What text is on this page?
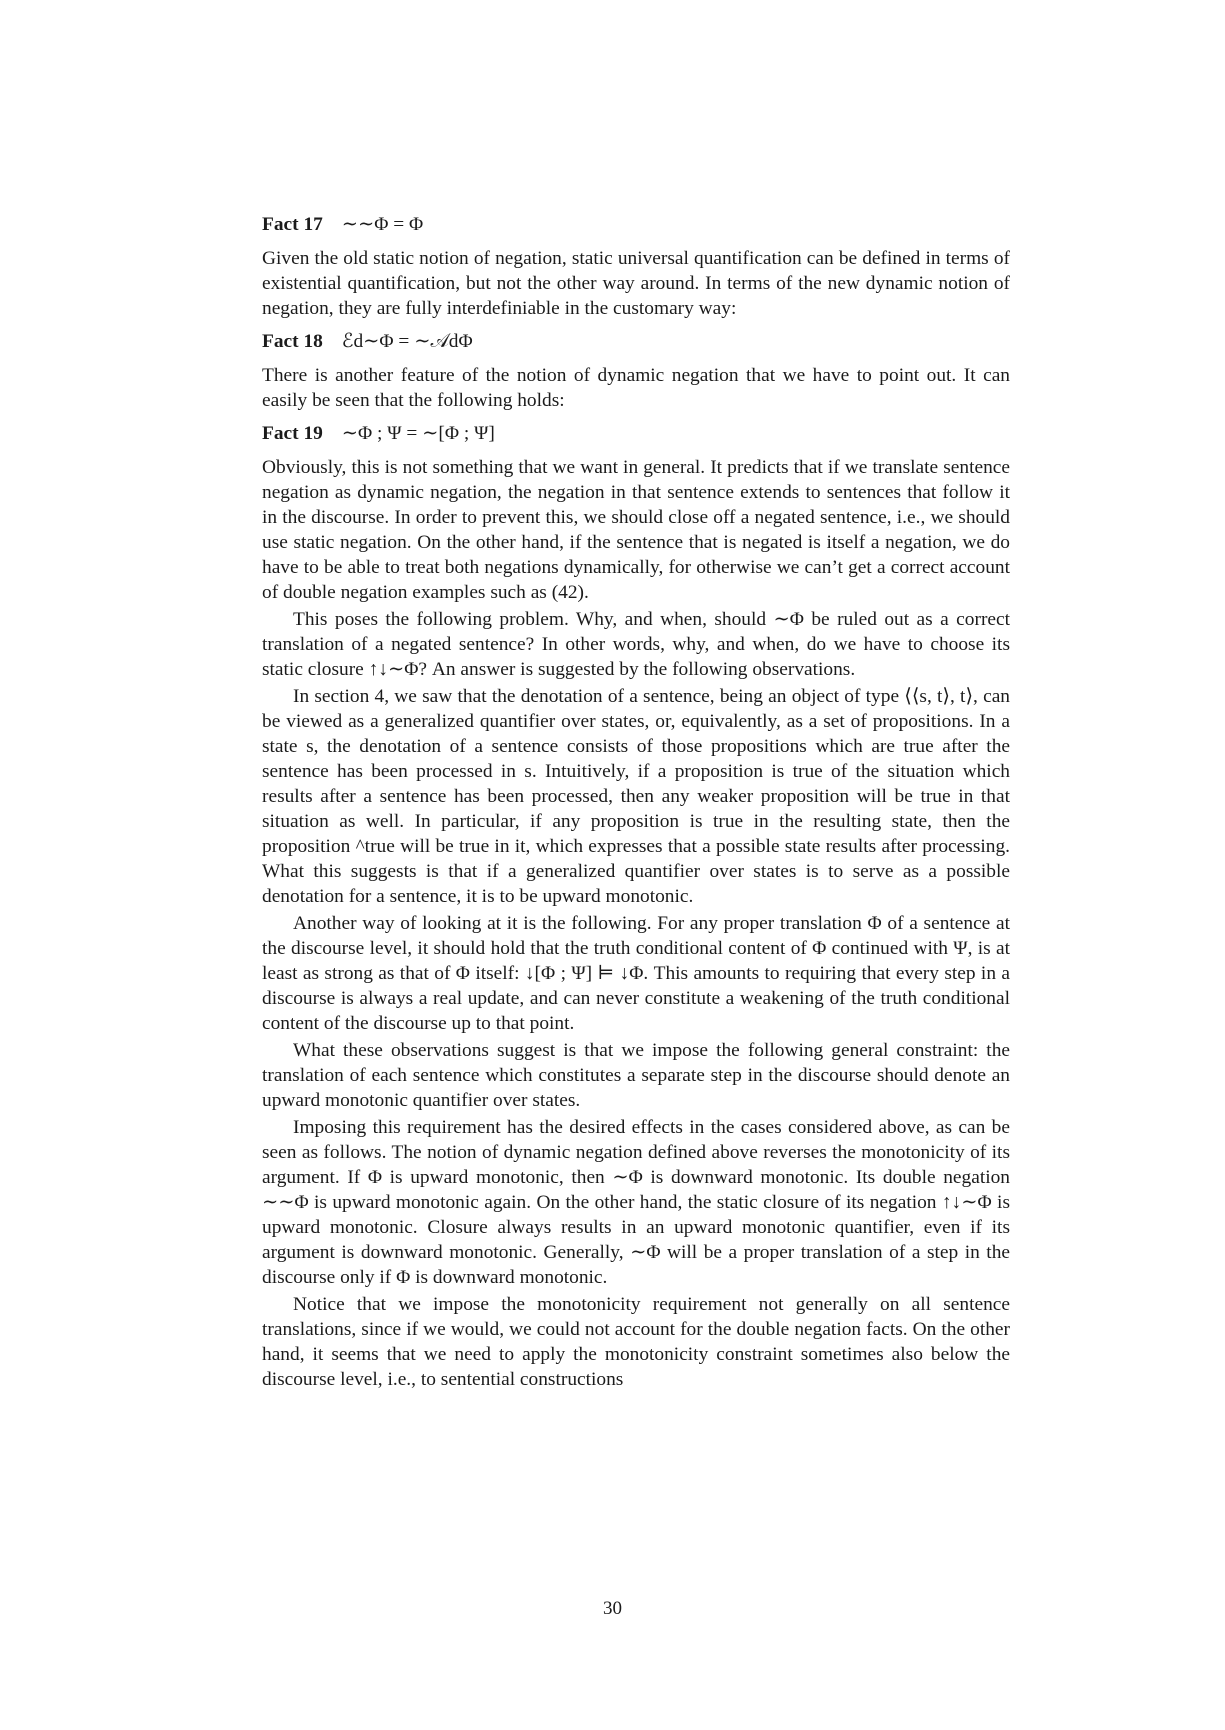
Fact 17 ∼∼Φ = Φ

Given the old static notion of negation, static universal quantification can be defined in terms of existential quantification, but not the other way around. In terms of the new dynamic notion of negation, they are fully interdefiniable in the customary way:

Fact 18 ℰd∼Φ = ∼𝒜dΦ

There is another feature of the notion of dynamic negation that we have to point out. It can easily be seen that the following holds:

Fact 19 ∼Φ ; Ψ = ∼[Φ ; Ψ]

Obviously, this is not something that we want in general. It predicts that if we translate sentence negation as dynamic negation, the negation in that sentence extends to sentences that follow it in the discourse. In order to prevent this, we should close off a negated sentence, i.e., we should use static negation. On the other hand, if the sentence that is negated is itself a negation, we do have to be able to treat both negations dynamically, for otherwise we can’t get a correct account of double negation examples such as (42).

This poses the following problem. Why, and when, should ∼Φ be ruled out as a correct translation of a negated sentence? In other words, why, and when, do we have to choose its static closure ↑↓∼Φ? An answer is suggested by the following observations.

In section 4, we saw that the denotation of a sentence, being an object of type ⟨⟨s, t⟩, t⟩, can be viewed as a generalized quantifier over states, or, equivalently, as a set of propositions. In a state s, the denotation of a sentence consists of those propositions which are true after the sentence has been processed in s. Intuitively, if a proposition is true of the situation which results after a sentence has been processed, then any weaker proposition will be true in that situation as well. In particular, if any proposition is true in the resulting state, then the proposition ^true will be true in it, which expresses that a possible state results after processing. What this suggests is that if a generalized quantifier over states is to serve as a possible denotation for a sentence, it is to be upward monotonic.

Another way of looking at it is the following. For any proper translation Φ of a sentence at the discourse level, it should hold that the truth conditional content of Φ continued with Ψ, is at least as strong as that of Φ itself: ↓[Φ ; Ψ] ⊨ ↓Φ. This amounts to requiring that every step in a discourse is always a real update, and can never constitute a weakening of the truth conditional content of the discourse up to that point.

What these observations suggest is that we impose the following general constraint: the translation of each sentence which constitutes a separate step in the discourse should denote an upward monotonic quantifier over states.

Imposing this requirement has the desired effects in the cases considered above, as can be seen as follows. The notion of dynamic negation defined above reverses the monotonicity of its argument. If Φ is upward monotonic, then ∼Φ is downward monotonic. Its double negation ∼∼Φ is upward monotonic again. On the other hand, the static closure of its negation ↑↓∼Φ is upward monotonic. Closure always results in an upward monotonic quantifier, even if its argument is downward monotonic. Generally, ∼Φ will be a proper translation of a step in the discourse only if Φ is downward monotonic.

Notice that we impose the monotonicity requirement not generally on all sentence translations, since if we would, we could not account for the double negation facts. On the other hand, it seems that we need to apply the monotonicity constraint sometimes also below the discourse level, i.e., to sentential constructions

30
